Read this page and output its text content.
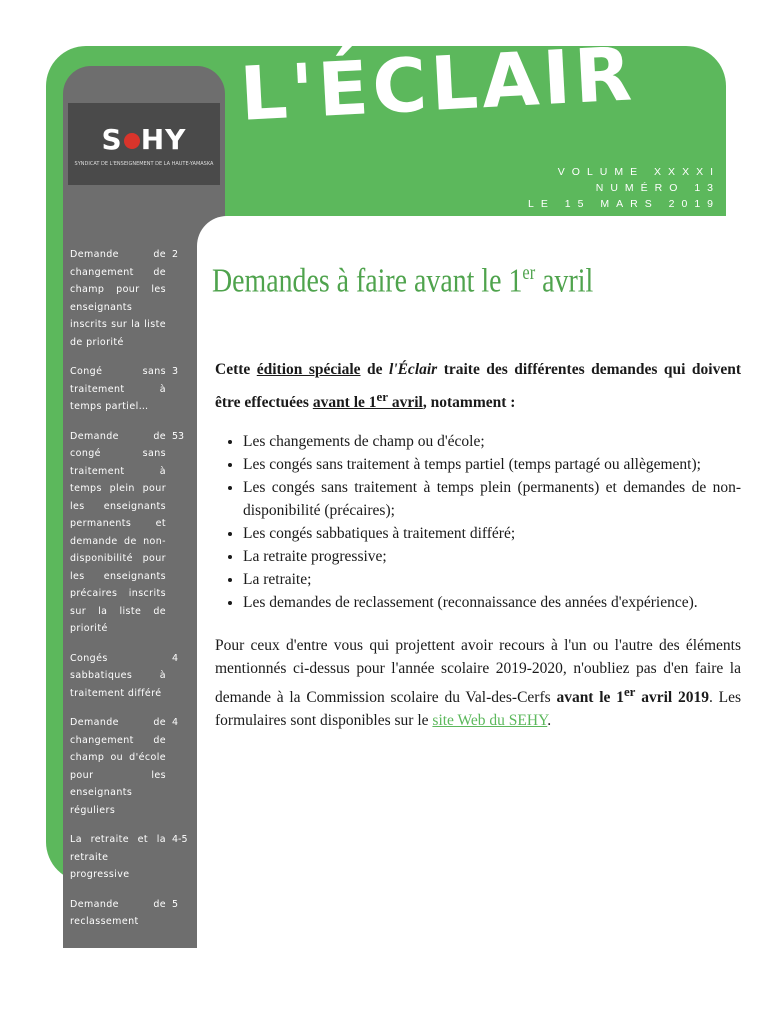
S HY
SYNDICAT DE L'ENSEIGNEMENT DE LA HAUTE-YAMASKA
L'ÉCLAIR
VOLUME XXXXI
NUMÉRO 13
LE 15 MARS 2019
Demande de changement de champ pour les enseignants inscrits sur la liste de priorité
2
Congé sans traitement à temps partiel…
3
Demande de congé sans traitement à temps plein pour les enseignants permanents et demande de non-disponibilité pour les enseignants précaires inscrits sur la liste de priorité
53
Congés sabbatiques à traitement différé
4
Demande de changement de champ ou d'école pour les enseignants réguliers
4
La retraite et la retraite progressive
4-5
Demande de reclassement
5
Demandes à faire avant le 1er avril

Cette édition spéciale de l'Éclair traite des différentes demandes qui doivent être effectuées avant le 1er avril, notamment :

• Les changements de champ ou d'école;
• Les congés sans traitement à temps partiel (temps partagé ou allègement);
• Les congés sans traitement à temps plein (permanents) et demandes de non-disponibilité (précaires);
• Les congés sabbatiques à traitement différé;
• La retraite progressive;
• La retraite;
• Les demandes de reclassement (reconnaissance des années d'expérience).

Pour ceux d'entre vous qui projettent avoir recours à l'un ou l'autre des éléments mentionnés ci-dessus pour l'année scolaire 2019-2020, n'oubliez pas d'en faire la demande à la Commission scolaire du Val-des-Cerfs avant le 1er avril 2019. Les formulaires sont disponibles sur le site Web du SEHY.
